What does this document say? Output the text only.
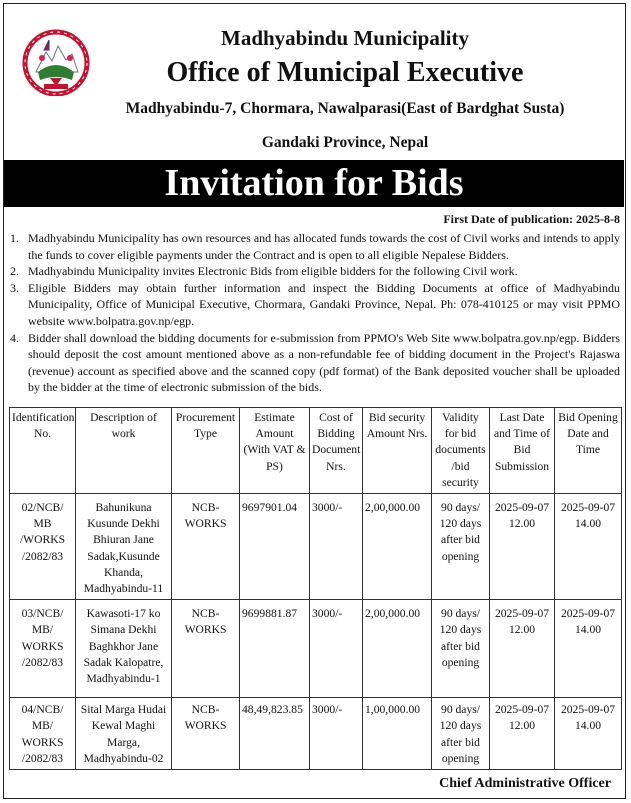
Madhyabindu Municipality
Office of Municipal Executive
Madhyabindu-7, Chormara, Nawalparasi(East of Bardghat Susta)
Gandaki Province, Nepal
Invitation for Bids
First Date of publication: 2025-8-8
1. Madhyabindu Municipality has own resources and has allocated funds towards the cost of Civil works and intends to apply the funds to cover eligible payments under the Contract and is open to all eligible Nepalese Bidders.
2. Madhyabindu Municipality invites Electronic Bids from eligible bidders for the following Civil work.
3. Eligible Bidders may obtain further information and inspect the Bidding Documents at office of Madhyabindu Municipality, Office of Municipal Executive, Chormara, Gandaki Province, Nepal. Ph: 078-410125 or may visit PPMO website www.bolpatra.gov.np/egp.
4. Bidder shall download the bidding documents for e-submission from PPMO's Web Site www.bolpatra.gov.np/egp. Bidders should deposit the cost amount mentioned above as a non-refundable fee of bidding document in the Project's Rajaswa (revenue) account as specified above and the scanned copy (pdf format) of the Bank deposited voucher shall be uploaded by the bidder at the time of electronic submission of the bids.
Identification No.	Description of work	Procurement Type	Estimate Amount (With VAT & PS)	Cost of Bidding Document Nrs.	Bid security Amount Nrs.	Validity for bid documents /bid security	Last Date and Time of Bid Submission	Bid Opening Date and Time
02/NCB/ MB /WORKS /2082/83	Bahunikuna Kusunde Dekhi Bhiuran Jane Sadak,Kusunde Khanda, Madhyabindu-11	NCB-WORKS	9697901.04	3000/-	2,00,000.00	90 days/ 120 days after bid opening	2025-09-07 12.00	2025-09-07 14.00
03/NCB/ MB/ WORKS /2082/83	Kawasoti-17 ko Simana Dekhi Baghkhor Jane Sadak Kalopatre, Madhyabindu-1	NCB-WORKS	9699881.87	3000/-	2,00,000.00	90 days/ 120 days after bid opening	2025-09-07 12.00	2025-09-07 14.00
04/NCB/ MB/ WORKS /2082/83	Sital Marga Hudai Kewal Maghi Marga, Madhyabindu-02	NCB-WORKS	48,49,823.85	3000/-	1,00,000.00	90 days/ 120 days after bid opening	2025-09-07 12.00	2025-09-07 14.00
Chief Administrative Officer
